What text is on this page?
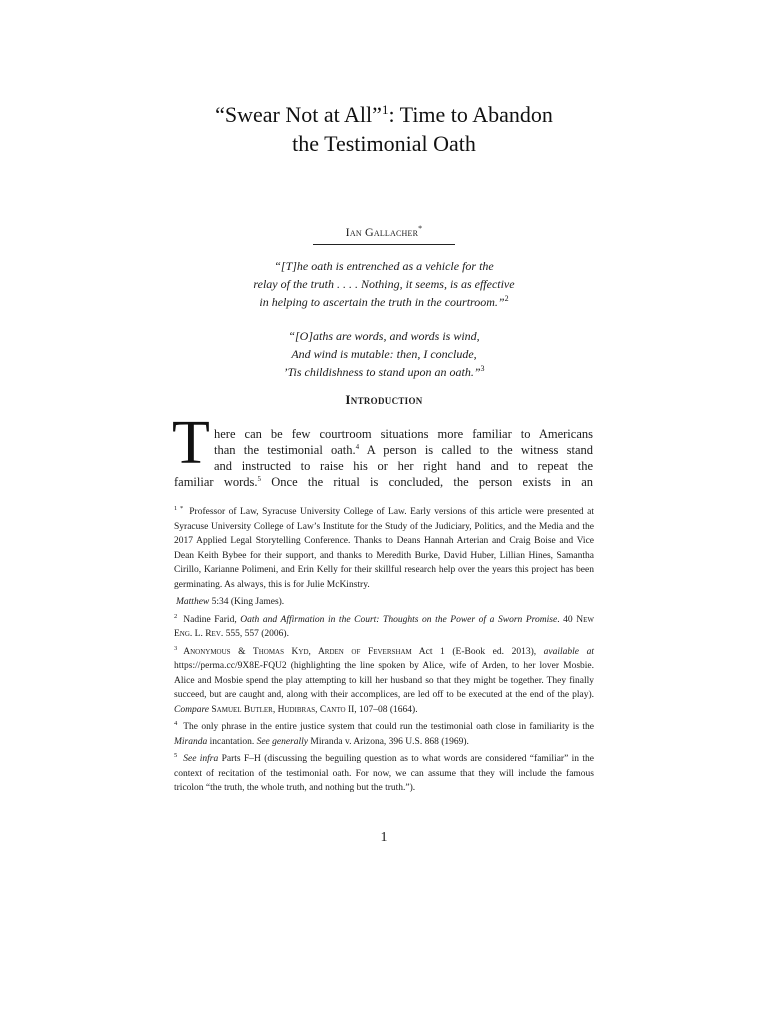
“Swear Not at All”$^1$: Time to Abandon
the Testimonial Oath
Ian Gallacher*
“[T]he oath is entrenched as a vehicle for the
relay of the truth . . . . Nothing, it seems, is as effective
in helping to ascertain the truth in the courtroom.”$^2$
“[O]aths are words, and words is wind,
And wind is mutable: then, I conclude,
’Tis childishness to stand upon an oath.”$^3$
Introduction
T here can be few courtroom situations more familiar to Americans
than the testimonial oath.$^4$ A person is called to the witness stand
and instructed to raise his or her right hand and to repeat the
familiar words.$^5$ Once the ritual is concluded, the person exists in an

$^{1 *}$ Professor of Law, Syracuse University College of Law. Early versions of this article were presented at Syracuse University College of Law’s Institute for the Study of the Judiciary, Politics, and the Media and the 2017 Applied Legal Storytelling Conference. Thanks to Deans Hannah Arterian and Craig Boise and Vice Dean Keith Bybee for their support, and thanks to Meredith Burke, David Huber, Lillian Hines, Samantha Cirillo, Karianne Polimeni, and Erin Kelly for their skillful research help over the years this project has been germinating. As always, this is for Julie McKinstry.

Matthew 5:34 (King James).

$^2$ Nadine Farid, Oath and Affirmation in the Court: Thoughts on the Power of a Sworn Promise. 40 New Eng. L. Rev. 555, 557 (2006).

$^3$ Anonymous & Thomas Kyd, Arden of Feversham Act 1 (E-Book ed. 2013), available at https://perma.cc/9X8E-FQU2 (highlighting the line spoken by Alice, wife of Arden, to her lover Mosbie. Alice and Mosbie spend the play attempting to kill her husband so that they might be together. They finally succeed, but are caught and, along with their accomplices, are led off to be executed at the end of the play). Compare Samuel Butler, Hudibras, Canto II, 107–08 (1664).

$^4$ The only phrase in the entire justice system that could run the testimonial oath close in familiarity is the Miranda incantation. See generally Miranda v. Arizona, 396 U.S. 868 (1969).

$^5$ See infra Parts F–H (discussing the beguiling question as to what words are considered “familiar” in the context of recitation of the testimonial oath. For now, we can assume that they will include the famous tricolon “the truth, the whole truth, and nothing but the truth.”).

1
